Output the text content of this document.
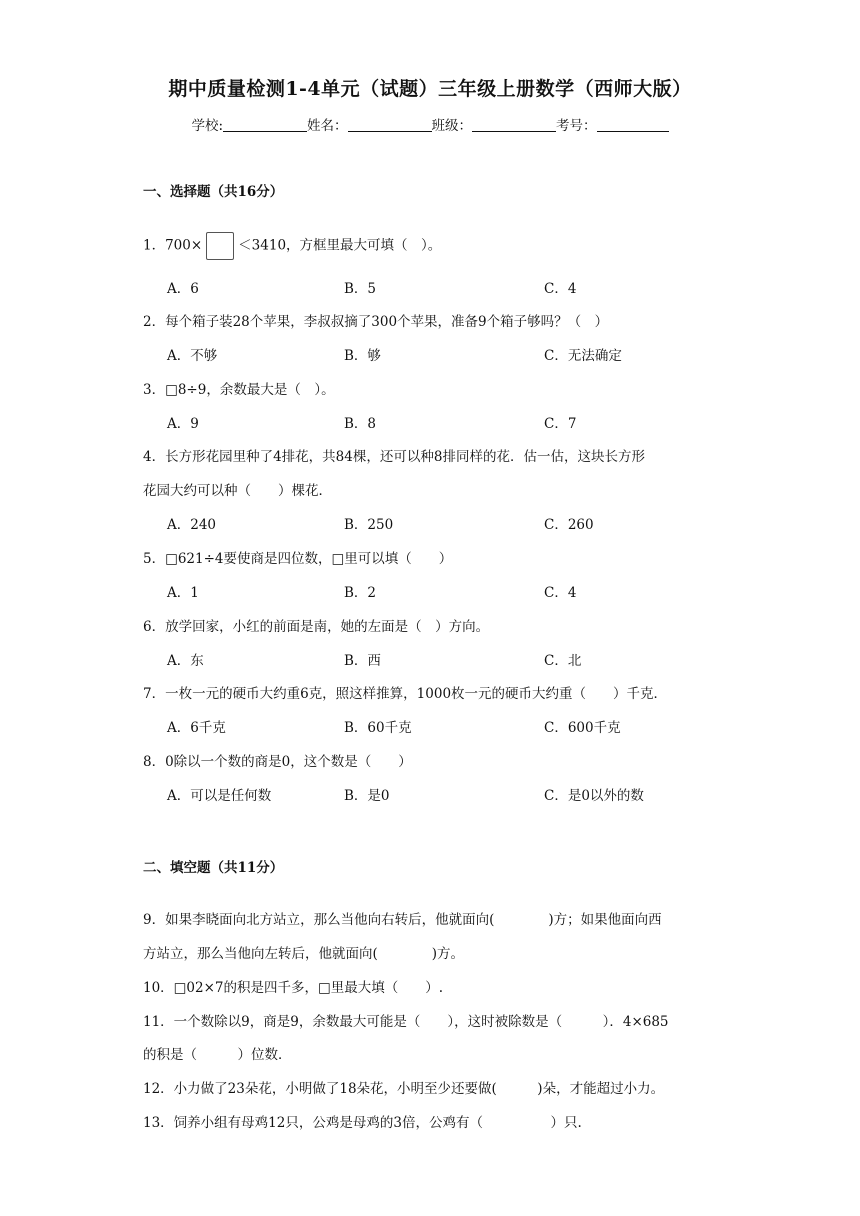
期中质量检测1-4单元（试题）三年级上册数学（西师大版）
学校:	姓名：	班级：	考号：
一、选择题（共16分）
1．700×	＜3410，方框里最大可填（　）。
A．6	B．5	C．4
2．每个箱子装28个苹果，李叔叔摘了300个苹果，准备9个箱子够吗？（　）
A．不够	B．够	C．无法确定
3．□8÷9，余数最大是（　）。
A．9	B．8	C．7
4．长方形花园里种了4排花，共84棵，还可以种8排同样的花．估一估，这块长方形
花园大约可以种（　　）棵花．
A．240	B．250	C．260
5．□621÷4要使商是四位数，□里可以填（　　）
A．1	B．2	C．4
6．放学回家，小红的前面是南，她的左面是（　）方向。
A．东	B．西	C．北
7．一枚一元的硬币大约重6克，照这样推算，1000枚一元的硬币大约重（　　）千克．
A．6千克	B．60千克	C．600千克
8．0除以一个数的商是0，这个数是（　　）
A．可以是任何数	B．是0	C．是0以外的数
二、填空题（共11分）
9．如果李晓面向北方站立，那么当他向右转后，他就面向(　　　　)方；如果他面向西
方站立，那么当他向左转后，他就面向(　　　　)方。
10．□02×7的积是四千多，□里最大填（　　）.
11．一个数除以9，商是9，余数最大可能是（　　），这时被除数是（　　　）．4×685
的积是（　　　）位数．
12．小力做了23朵花，小明做了18朵花，小明至少还要做(　　　)朵，才能超过小力。
13．饲养小组有母鸡12只，公鸡是母鸡的3倍，公鸡有（　　　　　）只.
